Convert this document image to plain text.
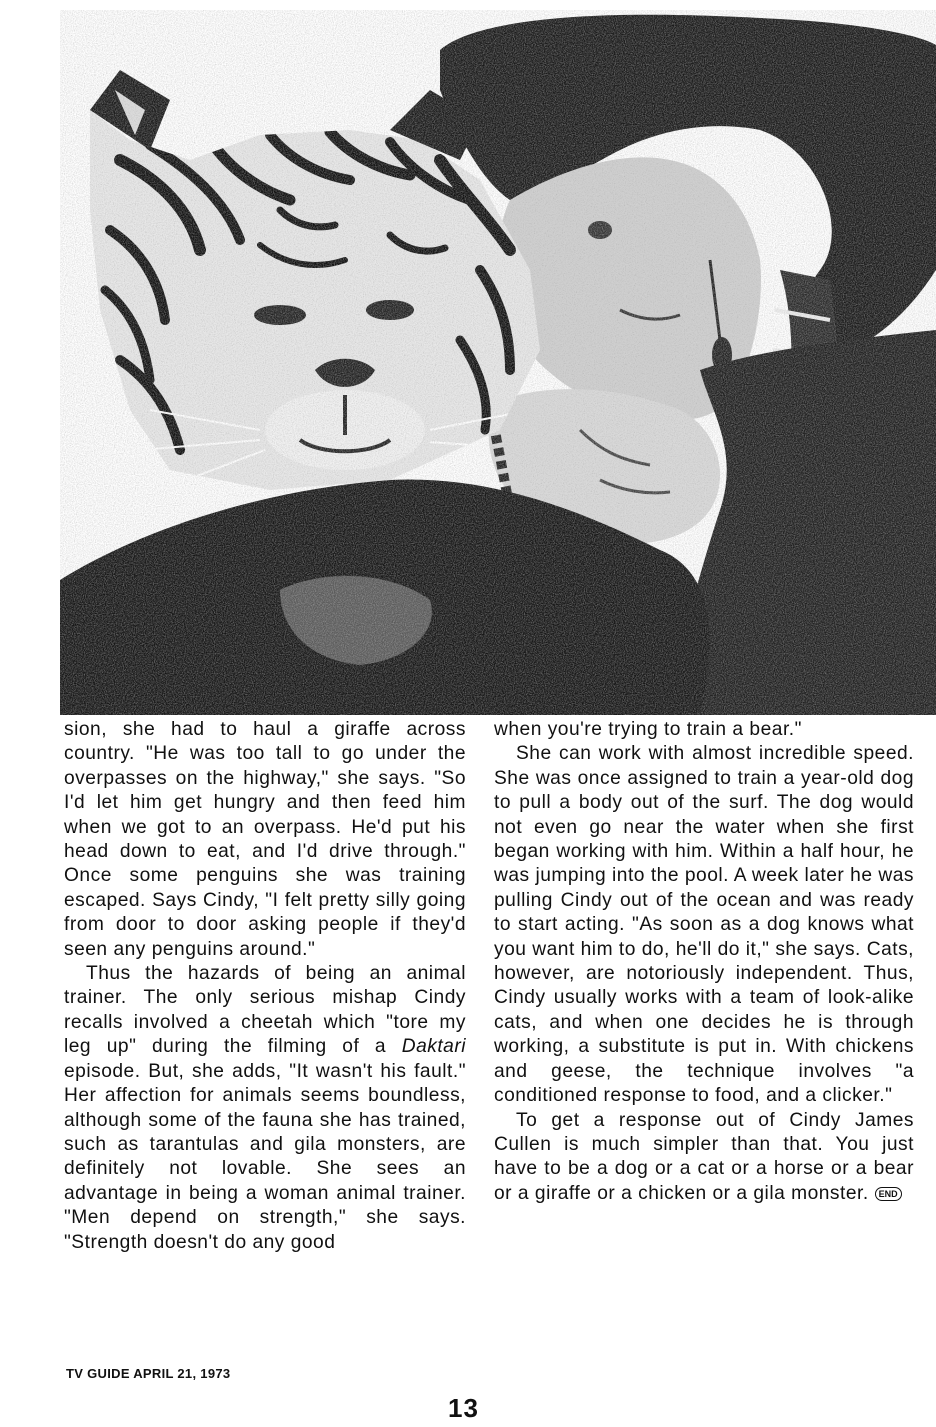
sion, she had to haul a giraffe across country. "He was too tall to go under the overpasses on the highway," she says. "So I'd let him get hungry and then feed him when we got to an overpass. He'd put his head down to eat, and I'd drive through." Once some penguins she was training escaped. Says Cindy, "I felt pretty silly going from door to door asking people if they'd seen any penguins around."

Thus the hazards of being an animal trainer. The only serious mishap Cindy recalls involved a cheetah which "tore my leg up" during the filming of a Daktari episode. But, she adds, "It wasn't his fault." Her affection for animals seems boundless, although some of the fauna she has trained, such as tarantulas and gila monsters, are definitely not lovable. She sees an advantage in being a woman animal trainer. "Men depend on strength," she says. "Strength doesn't do any good

when you're trying to train a bear."

She can work with almost incredible speed. She was once assigned to train a year-old dog to pull a body out of the surf. The dog would not even go near the water when she first began working with him. Within a half hour, he was jumping into the pool. A week later he was pulling Cindy out of the ocean and was ready to start acting. "As soon as a dog knows what you want him to do, he'll do it," she says. Cats, however, are notoriously independent. Thus, Cindy usually works with a team of look-alike cats, and when one decides he is through working, a substitute is put in. With chickens and geese, the technique involves "a conditioned response to food, and a clicker."

To get a response out of Cindy James Cullen is much simpler than that. You just have to be a dog or a cat or a horse or a bear or a giraffe or a chicken or a gila monster. END

TV GUIDE APRIL 21, 1973
13
